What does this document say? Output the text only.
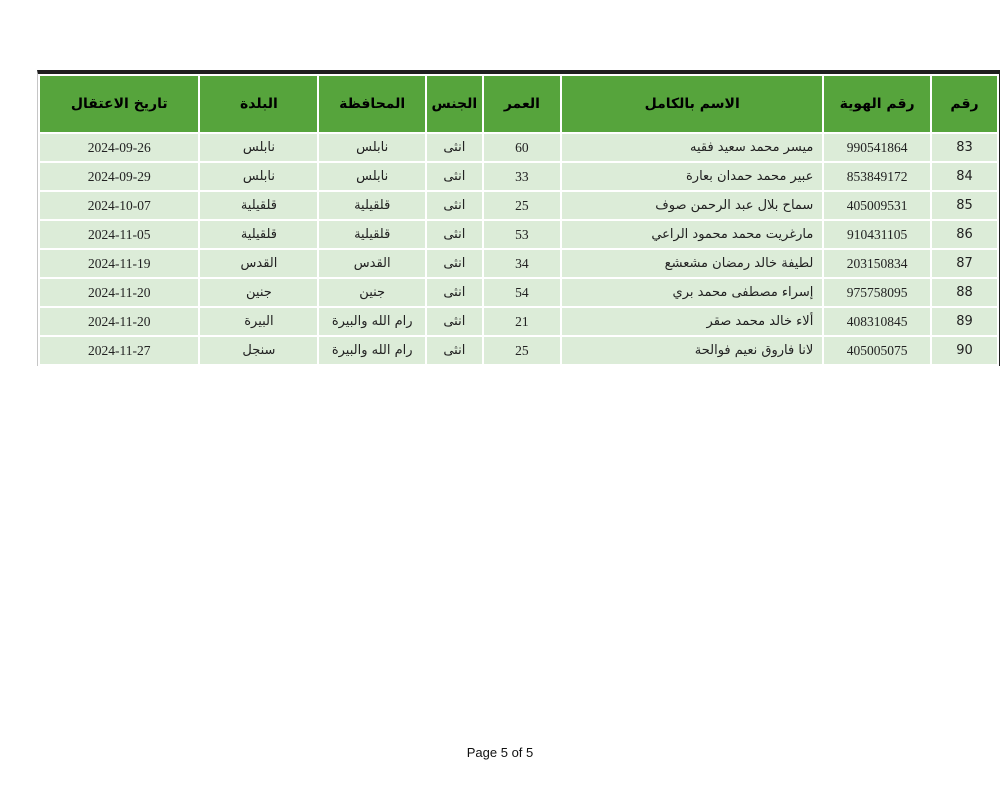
رقم	رقم الهوية	الاسم بالكامل	العمر	الجنس	المحافظة	البلدة	تاريخ الاعتقال
83	990541864	ميسر محمد سعيد فقيه	60	انثى	نابلس	نابلس	2024-09-26
84	853849172	عبير محمد حمدان بعارة	33	انثى	نابلس	نابلس	2024-09-29
85	405009531	سماح بلال عبد الرحمن صوف	25	انثى	قلقيلية	قلقيلية	2024-10-07
86	910431105	مارغريت محمد محمود الراعي	53	انثى	قلقيلية	قلقيلية	2024-11-05
87	203150834	لطيفة خالد رمضان مشعشع	34	انثى	القدس	القدس	2024-11-19
88	975758095	إسراء مصطفى محمد بري	54	انثى	جنين	جنين	2024-11-20
89	408310845	ألاء خالد محمد صقر	21	انثى	رام الله والبيرة	البيرة	2024-11-20
90	405005075	لانا فاروق نعيم فوالحة	25	انثى	رام الله والبيرة	سنجل	2024-11-27
Page 5 of 5
